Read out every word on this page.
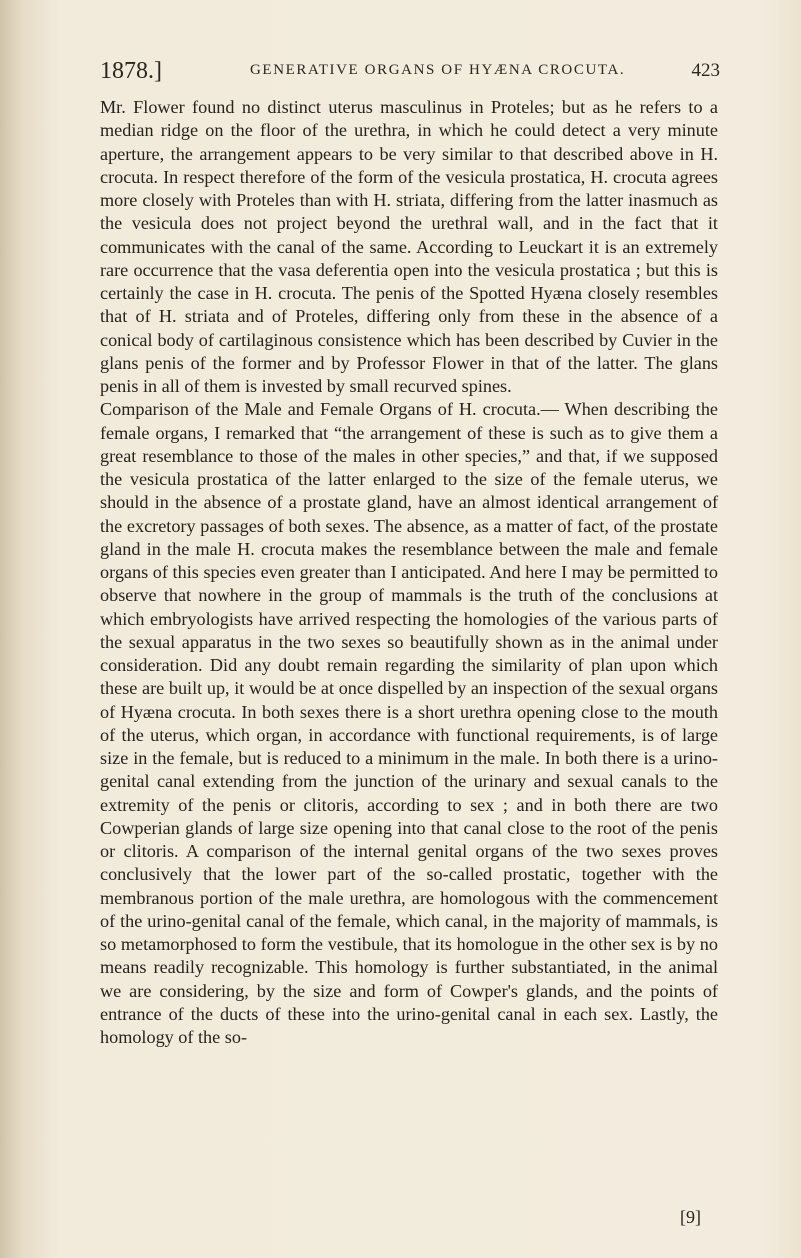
1878.]	GENERATIVE ORGANS OF HYÆNA CROCUTA.	423

Mr. Flower found no distinct uterus masculinus in Proteles; but as he refers to a median ridge on the floor of the urethra, in which he could detect a very minute aperture, the arrangement appears to be very similar to that described above in H. crocuta. In respect therefore of the form of the vesicula prostatica, H. crocuta agrees more closely with Proteles than with H. striata, differing from the latter inasmuch as the vesicula does not project beyond the urethral wall, and in the fact that it communicates with the canal of the same. According to Leuckart it is an extremely rare occurrence that the vasa deferentia open into the vesicula prostatica ; but this is certainly the case in H. crocuta. The penis of the Spotted Hyæna closely resembles that of H. striata and of Proteles, differing only from these in the absence of a conical body of cartilaginous consistence which has been described by Cuvier in the glans penis of the former and by Professor Flower in that of the latter. The glans penis in all of them is invested by small recurved spines.

Comparison of the Male and Female Organs of H. crocuta.— When describing the female organs, I remarked that “the arrangement of these is such as to give them a great resemblance to those of the males in other species,” and that, if we supposed the vesicula prostatica of the latter enlarged to the size of the female uterus, we should in the absence of a prostate gland, have an almost identical arrangement of the excretory passages of both sexes. The absence, as a matter of fact, of the prostate gland in the male H. crocuta makes the resemblance between the male and female organs of this species even greater than I anticipated. And here I may be permitted to observe that nowhere in the group of mammals is the truth of the conclusions at which embryologists have arrived respecting the homologies of the various parts of the sexual apparatus in the two sexes so beautifully shown as in the animal under consideration. Did any doubt remain regarding the similarity of plan upon which these are built up, it would be at once dispelled by an inspection of the sexual organs of Hyæna crocuta. In both sexes there is a short urethra opening close to the mouth of the uterus, which organ, in accordance with functional requirements, is of large size in the female, but is reduced to a minimum in the male. In both there is a urino-genital canal extending from the junction of the urinary and sexual canals to the extremity of the penis or clitoris, according to sex ; and in both there are two Cowperian glands of large size opening into that canal close to the root of the penis or clitoris. A comparison of the internal genital organs of the two sexes proves conclusively that the lower part of the so-called prostatic, together with the membranous portion of the male urethra, are homologous with the commencement of the urino-genital canal of the female, which canal, in the majority of mammals, is so metamorphosed to form the vestibule, that its homologue in the other sex is by no means readily recognizable. This homology is further substantiated, in the animal we are considering, by the size and form of Cowper's glands, and the points of entrance of the ducts of these into the urino-genital canal in each sex. Lastly, the homology of the so-

[9]
